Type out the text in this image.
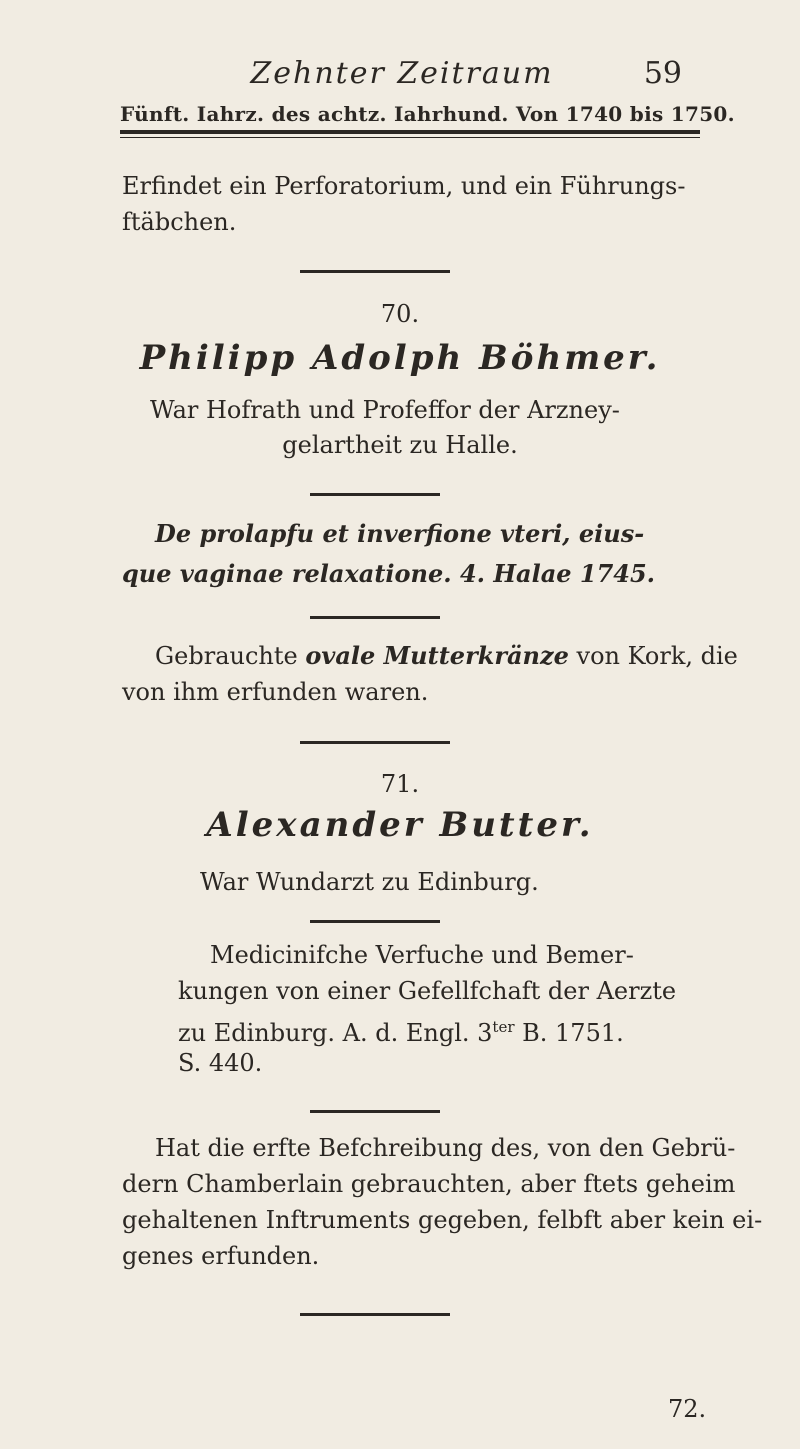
Zehnter Zeitraum	59
Fünft. Iahrz. des achtz. Iahrhund. Von 1740 bis 1750.
Erfindet ein Perforatorium, und ein Führungs-
ftäbchen.
70.
Philipp Adolph Böhmer.
War Hofrath und Profeffor der Arzney-
gelartheit zu Halle.
De prolapfu et inverfione vteri, eius-
que vaginae relaxatione. 4. Halae 1745.
Gebrauchte ovale Mutterkränze von Kork, die
von ihm erfunden waren.
71.
Alexander Butter.
War Wundarzt zu Edinburg.
Medicinifche Verfuche und Bemer-
kungen von einer Gefellfchaft der Aerzte
zu Edinburg. A. d. Engl. $3^{ter}$ B. 1751.
S. 440.
Hat die erfte Befchreibung des, von den Gebrü-
dern Chamberlain gebrauchten, aber ftets geheim
gehaltenen Inftruments gegeben, felbft aber kein ei-
genes erfunden.
72.
